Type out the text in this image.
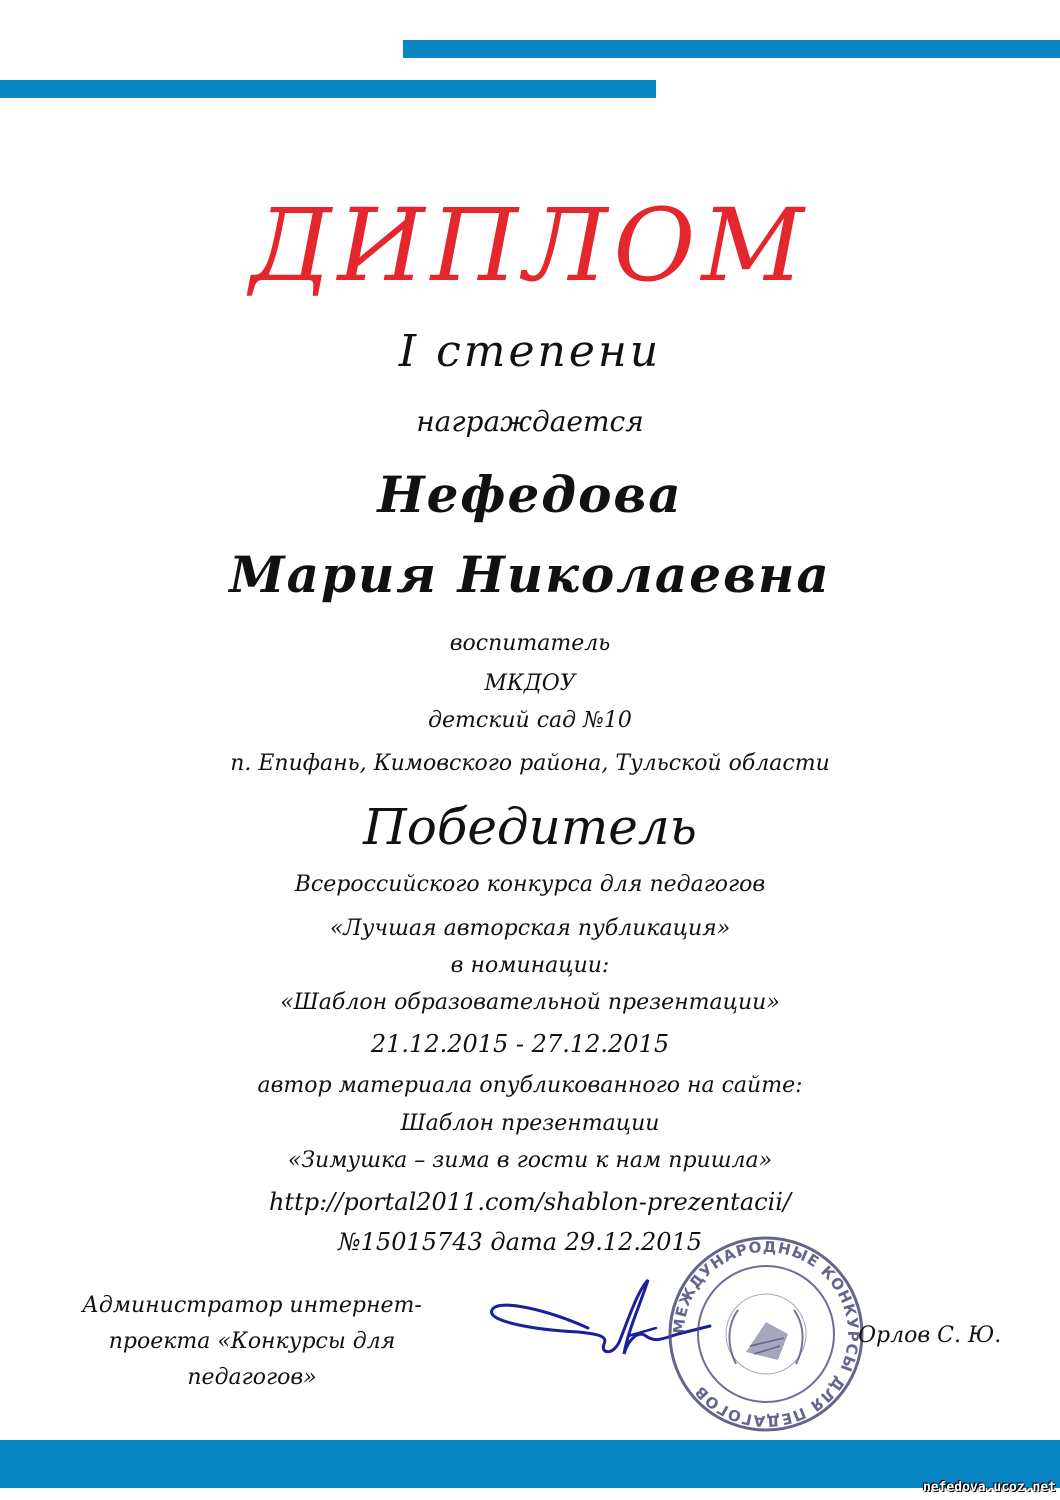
ДИПЛОМ
I степени
награждается
Нефедова
Мария Николаевна
воспитатель
МКДОУ
детский сад №10
п. Епифань, Кимовского района, Тульской области
Победитель
Всероссийского конкурса для педагогов
«Лучшая авторская публикация»
в номинации:
«Шаблон образовательной презентации»
21.12.2015 - 27.12.2015
автор материала опубликованного на сайте:
Шаблон презентации
«Зимушка – зима в гости к нам пришла»
http://portal2011.com/shablon-prezentacii/
№15015743 дата 29.12.2015
Администратор интернет-
проекта «Конкурсы для
педагогов»
МЕЖДУНАРОДНЫЕ КОНКУРСЫ ДЛЯ ПЕДАГОГОВ
Орлов С. Ю.
nefedova.ucoz.net
